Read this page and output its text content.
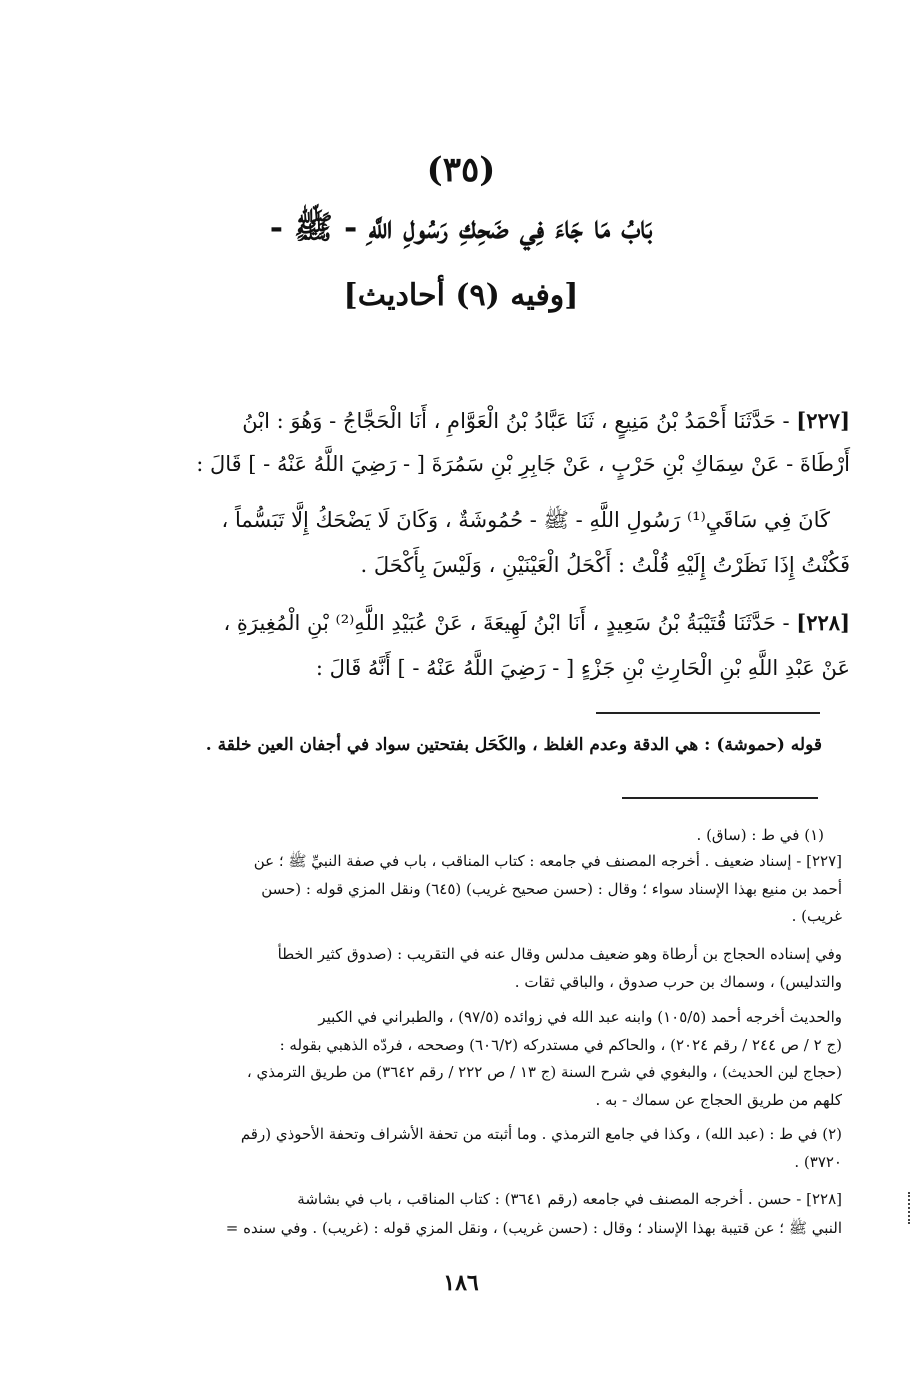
(٣٥)
بَابُ مَا جَاءَ فِي ضَحِكِ رَسُولِ اللَّهِ - ﷺ -
[وفيه (٩) أحاديث]
[٢٢٧] - حَدَّثَنَا أَحْمَدُ بْنُ مَنِيعٍ ، ثَنَا عَبَّادُ بْنُ الْعَوَّامِ ، أَنَا الْحَجَّاجُ - وَهُوَ : ابْنُ
أَرْطَاةَ - عَنْ سِمَاكِ بْنِ حَرْبٍ ، عَنْ جَابِرِ بْنِ سَمُرَةَ [ - رَضِيَ اللَّهُ عَنْهُ - ] قَالَ :
كَانَ فِي سَاقَيِ⁽¹⁾ رَسُولِ اللَّهِ - ﷺ - حُمُوشَةٌ ، وَكَانَ لَا يَضْحَكُ إِلَّا تَبَسُّماً ،
فَكُنْتُ إِذَا نَظَرْتُ إِلَيْهِ قُلْتُ : أَكْحَلُ الْعَيْنَيْنِ ، وَلَيْسَ بِأَكْحَلَ .
[٢٢٨] - حَدَّثَنَا قُتَيْبَةُ بْنُ سَعِيدٍ ، أَنَا ابْنُ لَهِيعَةَ ، عَنْ عُبَيْدِ اللَّهِ⁽²⁾ بْنِ الْمُغِيرَةِ ،
عَنْ عَبْدِ اللَّهِ بْنِ الْحَارِثِ بْنِ جَزْءٍ [ - رَضِيَ اللَّهُ عَنْهُ - ] أَنَّهُ قَالَ :
قوله (حموشة) : هي الدقة وعدم الغلظ ، والكَحَل بفتحتين سواد في أجفان العين خلقة .
(١) في ط : (ساق) .
[٢٢٧] - إسناد ضعيف . أخرجه المصنف في جامعه : كتاب المناقب ، باب في صفة النبيِّ ﷺ ؛ عن
أحمد بن منيع بهذا الإسناد سواء ؛ وقال : (حسن صحيح غريب) (٦٤٥) ونقل المزي قوله : (حسن
غريب) .
وفي إسناده الحجاج بن أرطاة وهو ضعيف مدلس وقال عنه في التقريب : (صدوق كثير الخطأ
والتدليس) ، وسماك بن حرب صدوق ، والباقي ثقات .
والحديث أخرجه أحمد (١٠٥/٥) وابنه عبد الله في زوائده (٩٧/٥) ، والطبراني في الكبير
(ج ٢ / ص ٢٤٤ / رقم ٢٠٢٤) ، والحاكم في مستدركه (٦٠٦/٢) وصححه ، فردّه الذهبي بقوله :
(حجاج لين الحديث) ، والبغوي في شرح السنة (ج ١٣ / ص ٢٢٢ / رقم ٣٦٤٢) من طريق الترمذي ،
كلهم من طريق الحجاج عن سماك - به .
(٢) في ط : (عبد الله) ، وكذا في جامع الترمذي . وما أثبته من تحفة الأشراف وتحفة الأحوذي (رقم
٣٧٢٠) .
[٢٢٨] - حسن . أخرجه المصنف في جامعه (رقم ٣٦٤١) : كتاب المناقب ، باب في بشاشة
النبي ﷺ ؛ عن قتيبة بهذا الإسناد ؛ وقال : (حسن غريب) ، ونقل المزي قوله : (غريب) . وفي سنده =
١٨٦
